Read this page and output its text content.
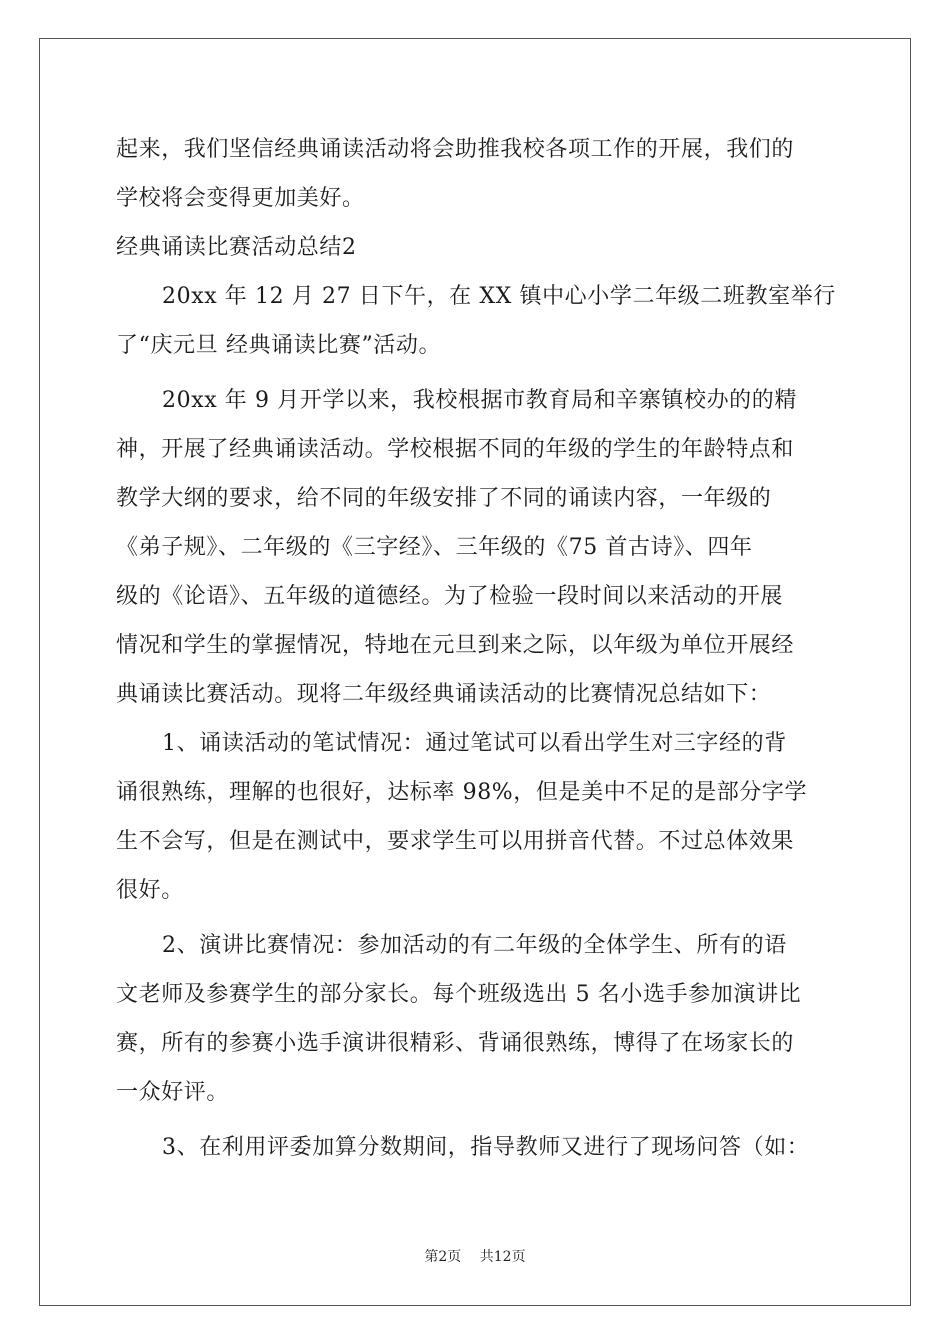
起来，我们坚信经典诵读活动将会助推我校各项工作的开展，我们的
学校将会变得更加美好。
经典诵读比赛活动总结2
20xx 年 12 月 27 日下午，在 XX 镇中心小学二年级二班教室举行
了“庆元旦 经典诵读比赛”活动。
20xx 年 9 月开学以来，我校根据市教育局和辛寨镇校办的的精
神，开展了经典诵读活动。学校根据不同的年级的学生的年龄特点和
教学大纲的要求，给不同的年级安排了不同的诵读内容，一年级的
《弟子规》、二年级的《三字经》、三年级的《75 首古诗》、四年
级的《论语》、五年级的道德经。为了检验一段时间以来活动的开展
情况和学生的掌握情况，特地在元旦到来之际，以年级为单位开展经
典诵读比赛活动。现将二年级经典诵读活动的比赛情况总结如下：
1、诵读活动的笔试情况：通过笔试可以看出学生对三字经的背
诵很熟练，理解的也很好，达标率 98%，但是美中不足的是部分字学
生不会写，但是在测试中，要求学生可以用拼音代替。不过总体效果
很好。
2、演讲比赛情况：参加活动的有二年级的全体学生、所有的语
文老师及参赛学生的部分家长。每个班级选出 5 名小选手参加演讲比
赛，所有的参赛小选手演讲很精彩、背诵很熟练，博得了在场家长的
一众好评。
3、在利用评委加算分数期间，指导教师又进行了现场问答（如：
第2页 共12页
